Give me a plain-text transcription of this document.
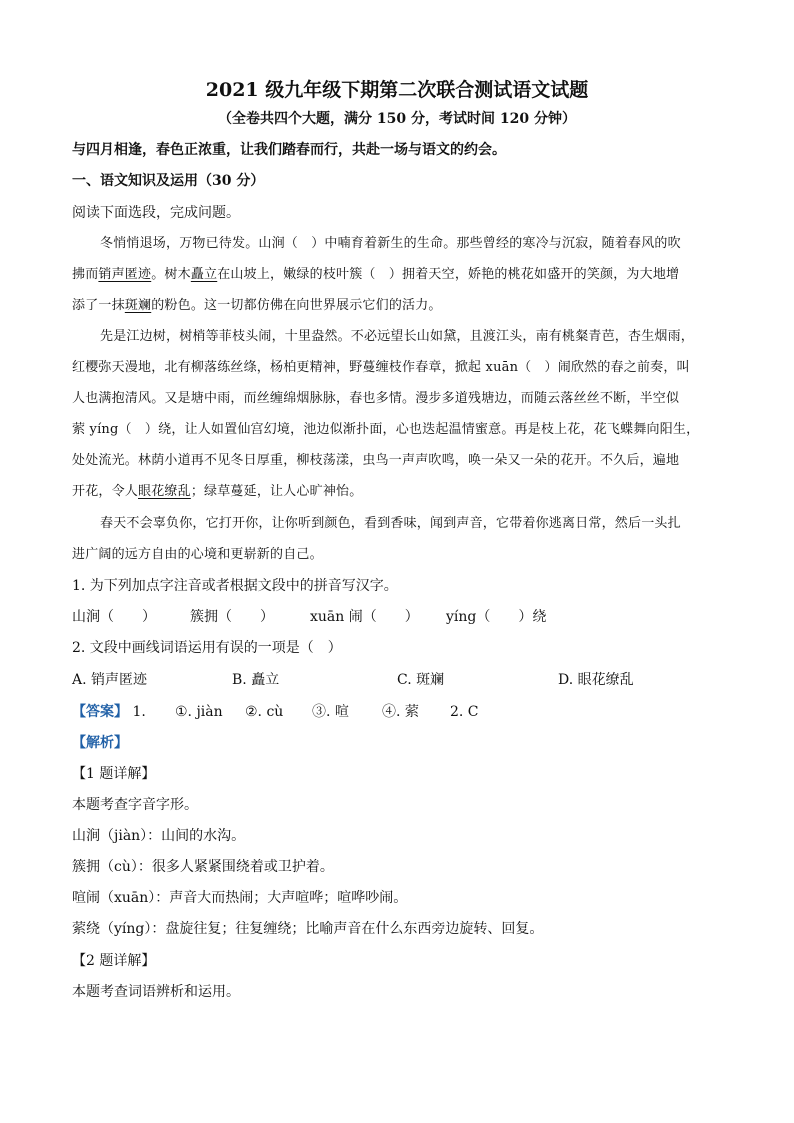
2021 级九年级下期第二次联合测试语文试题
（全卷共四个大题，满分 150 分，考试时间 120 分钟）
与四月相逢，春色正浓重，让我们踏春而行，共赴一场与语文的约会。
一、语文知识及运用（30 分）
阅读下面选段，完成问题。
冬悄悄退场，万物已待发。山涧（　）中喃育着新生的生命。那些曾经的寒冷与沉寂，随着春风的吹
拂而销声匿迹。树木矗立在山坡上，嫩绿的枝叶簇（　）拥着天空，娇艳的桃花如盛开的笑颜，为大地增
添了一抹斑斓的粉色。这一切都仿佛在向世界展示它们的活力。
先是江边树，树梢等菲枝头闹，十里盎然。不必远望长山如黛，且渡江头，南有桃粲青芭，杏生烟雨，
红樱弥天漫地，北有柳落练丝绦，杨柏更精神，野蔓缠枝作春章，掀起 xuān（　）闹欣然的春之前奏，叫
人也满抱清风。又是塘中雨，而丝缠绵烟脉脉，春也多情。漫步多道残塘边，而随云落丝丝不断，半空似
萦 yíng（　）绕，让人如置仙宫幻境，池边似渐扑面，心也迭起温情蜜意。再是枝上花，花飞蝶舞向阳生，
处处流光。林荫小道再不见冬日厚重，柳枝荡漾，虫鸟一声声吹鸣，唤一朵又一朵的花开。不久后，遍地
开花，令人眼花缭乱；绿草蔓延，让人心旷神怡。
春天不会辜负你，它打开你，让你听到颜色，看到香味，闻到声音，它带着你逃离日常，然后一头扎
进广阔的远方自由的心境和更崭新的自己。
1. 为下列加点字注音或者根据文段中的拼音写汉字。
山涧（　　） 簇拥（　　）	xuān 闹（　　） yíng（　　）绕
2. 文段中画线词语运用有误的一项是（　）
A. 销声匿迹	B. 矗立	C. 斑斓	D. 眼花缭乱
【答案】 1. ①. jiàn ②. cù ③. 喧 ④. 萦 2. C
【解析】
【1 题详解】
本题考查字音字形。
山涧（jiàn）：山间的水沟。
簇拥（cù）：很多人紧紧围绕着或卫护着。
喧闹（xuān）：声音大而热闹；大声喧哗；喧哗吵闹。
萦绕（yíng）：盘旋往复；往复缠绕；比喻声音在什么东西旁边旋转、回复。
【2 题详解】
本题考查词语辨析和运用。
